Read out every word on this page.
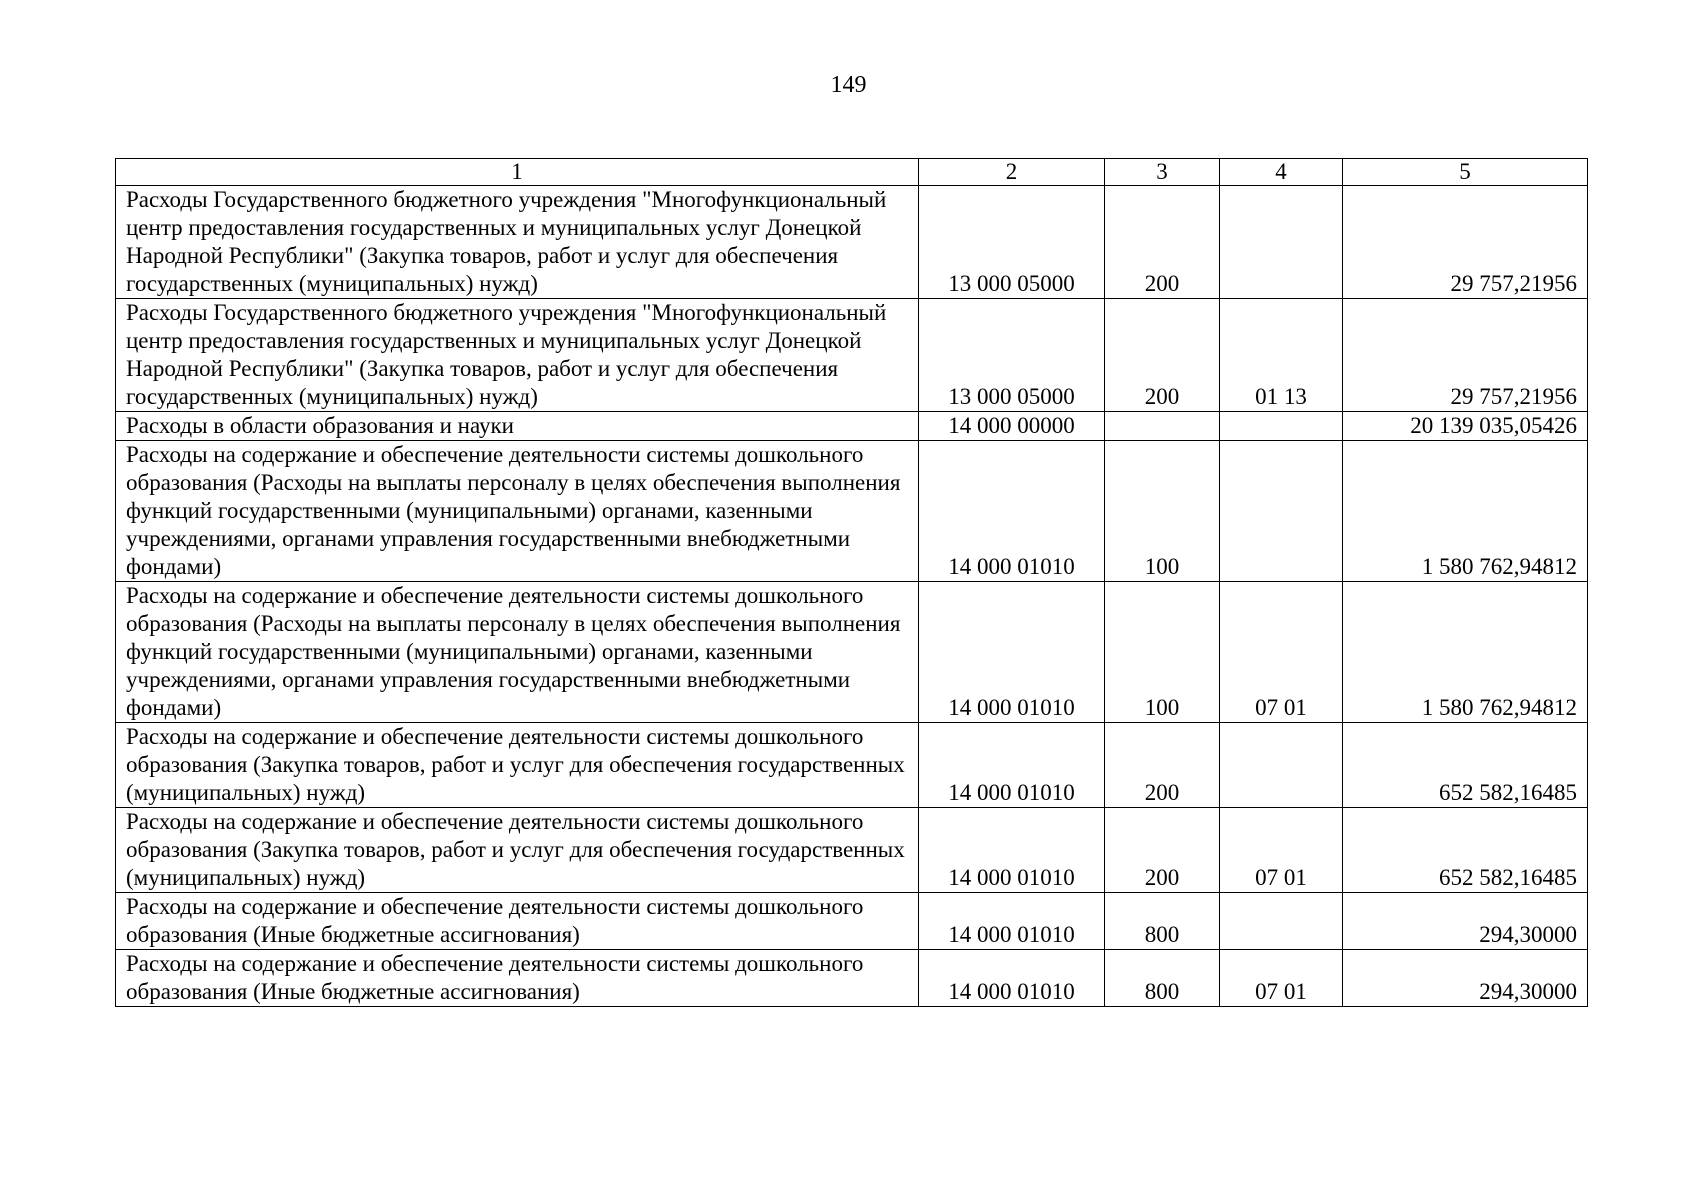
149
1	2	3	4	5
Расходы Государственного бюджетного учреждения "Многофункциональный центр предоставления государственных и муниципальных услуг Донецкой Народной Республики" (Закупка товаров, работ и услуг для обеспечения государственных (муниципальных) нужд)	13 000 05000	200		29 757,21956
Расходы Государственного бюджетного учреждения "Многофункциональный центр предоставления государственных и муниципальных услуг Донецкой Народной Республики" (Закупка товаров, работ и услуг для обеспечения государственных (муниципальных) нужд)	13 000 05000	200	01 13	29 757,21956
Расходы в области образования и науки	14 000 00000			20 139 035,05426
Расходы на содержание и обеспечение деятельности системы дошкольного образования (Расходы на выплаты персоналу в целях обеспечения выполнения функций государственными (муниципальными) органами, казенными учреждениями, органами управления государственными внебюджетными фондами)	14 000 01010	100		1 580 762,94812
Расходы на содержание и обеспечение деятельности системы дошкольного образования (Расходы на выплаты персоналу в целях обеспечения выполнения функций государственными (муниципальными) органами, казенными учреждениями, органами управления государственными внебюджетными фондами)	14 000 01010	100	07 01	1 580 762,94812
Расходы на содержание и обеспечение деятельности системы дошкольного образования (Закупка товаров, работ и услуг для обеспечения государственных (муниципальных) нужд)	14 000 01010	200		652 582,16485
Расходы на содержание и обеспечение деятельности системы дошкольного образования (Закупка товаров, работ и услуг для обеспечения государственных (муниципальных) нужд)	14 000 01010	200	07 01	652 582,16485
Расходы на содержание и обеспечение деятельности системы дошкольного образования (Иные бюджетные ассигнования)	14 000 01010	800		294,30000
Расходы на содержание и обеспечение деятельности системы дошкольного образования (Иные бюджетные ассигнования)	14 000 01010	800	07 01	294,30000
